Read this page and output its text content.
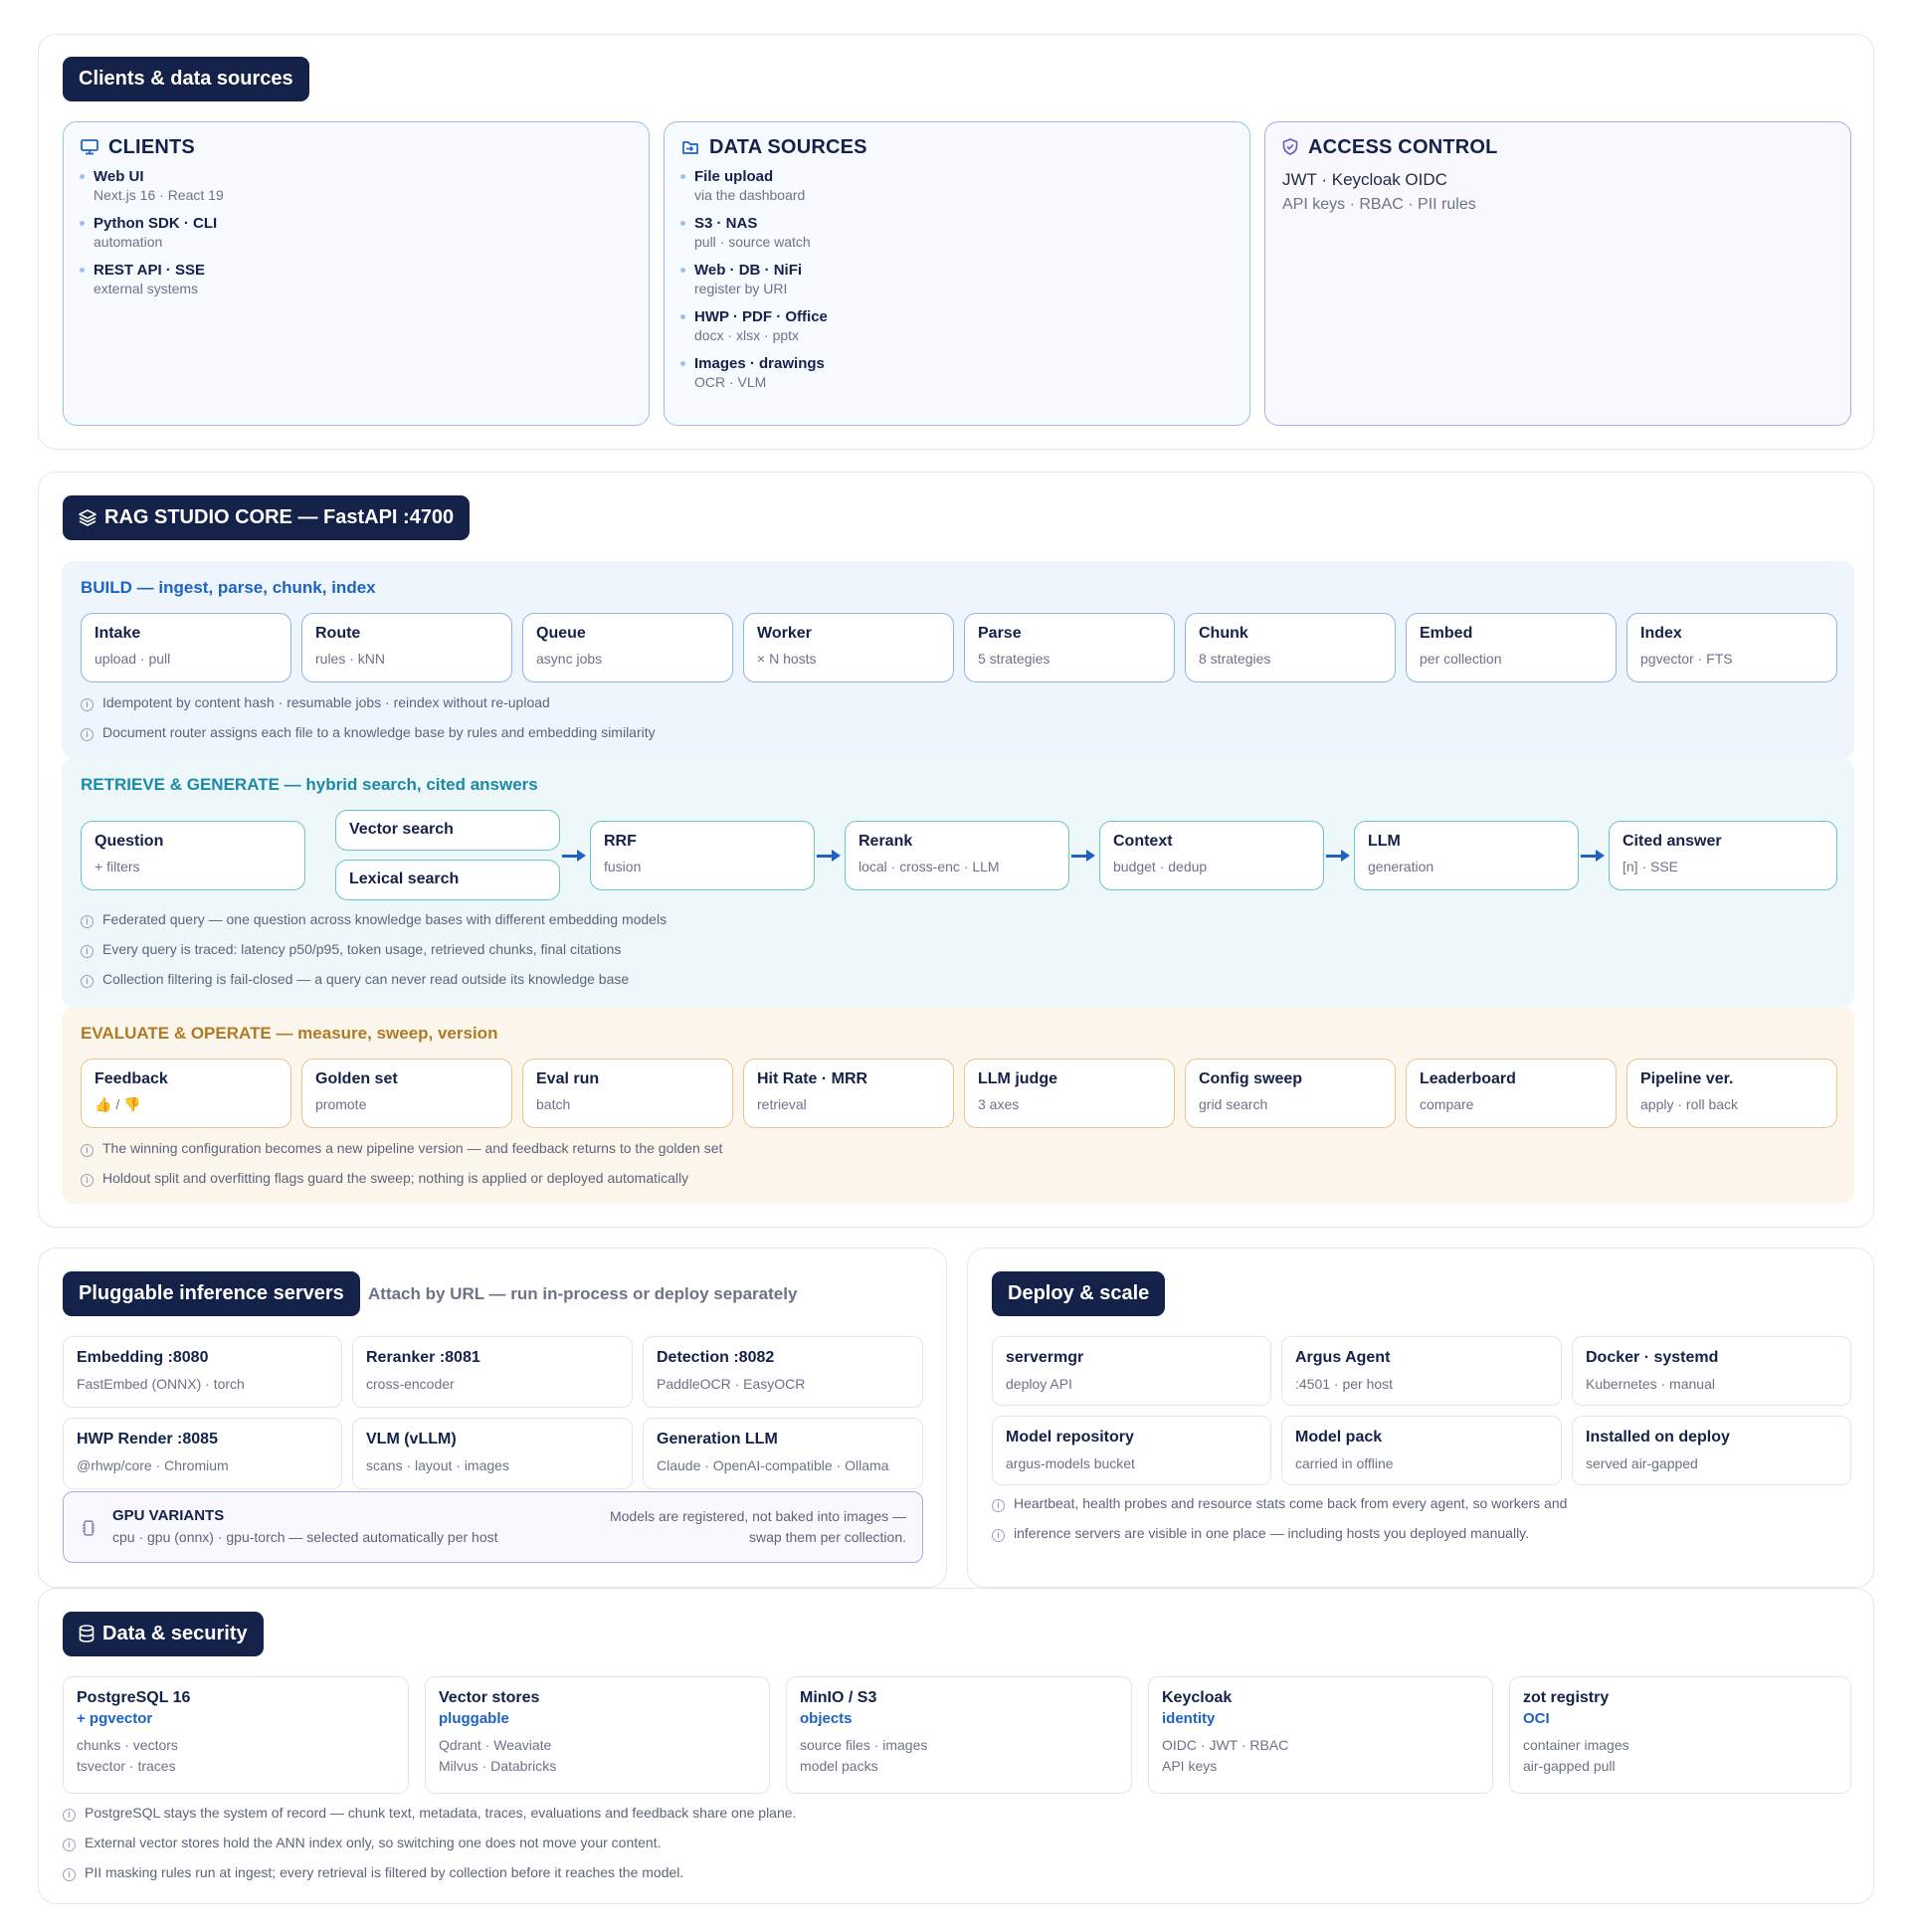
Clients & data sources
CLIENTS
Web UI
Next.js 16 · React 19
Python SDK · CLI
automation
REST API · SSE
external systems
DATA SOURCES
File upload
via the dashboard
S3 · NAS
pull · source watch
Web · DB · NiFi
register by URI
HWP · PDF · Office
docx · xlsx · pptx
Images · drawings
OCR · VLM
ACCESS CONTROL
JWT · Keycloak OIDC
API keys · RBAC · PII rules
RAG STUDIO CORE — FastAPI :4700
BUILD — ingest, parse, chunk, index
Intake
upload · pull
Route
rules · kNN
Queue
async jobs
Worker
× N hosts
Parse
5 strategies
Chunk
8 strategies
Embed
per collection
Index
pgvector · FTS
i Idempotent by content hash · resumable jobs · reindex without re-upload
i Document router assigns each file to a knowledge base by rules and embedding similarity
RETRIEVE & GENERATE — hybrid search, cited answers
Question
+ filters
Vector search
Lexical search
RRF
fusion
Rerank
local · cross-enc · LLM
Context
budget · dedup
LLM
generation
Cited answer
[n] · SSE
i Federated query — one question across knowledge bases with different embedding models
i Every query is traced: latency p50/p95, token usage, retrieved chunks, final citations
i Collection filtering is fail-closed — a query can never read outside its knowledge base
EVALUATE & OPERATE — measure, sweep, version
Feedback
👍 / 👎
Golden set
promote
Eval run
batch
Hit Rate · MRR
retrieval
LLM judge
3 axes
Config sweep
grid search
Leaderboard
compare
Pipeline ver.
apply · roll back
i The winning configuration becomes a new pipeline version — and feedback returns to the golden set
i Holdout split and overfitting flags guard the sweep; nothing is applied or deployed automatically
Pluggable inference servers	Attach by URL — run in-process or deploy separately
Embedding :8080
FastEmbed (ONNX) · torch
Reranker :8081
cross-encoder
Detection :8082
PaddleOCR · EasyOCR
HWP Render :8085
@rhwp/core · Chromium
VLM (vLLM)
scans · layout · images
Generation LLM
Claude · OpenAI-compatible · Ollama
GPU VARIANTS
cpu · gpu (onnx) · gpu-torch — selected automatically per host
Models are registered, not baked into images —
swap them per collection.
Deploy & scale
servermgr
deploy API
Argus Agent
:4501 · per host
Docker · systemd
Kubernetes · manual
Model repository
argus-models bucket
Model pack
carried in offline
Installed on deploy
served air-gapped
i Heartbeat, health probes and resource stats come back from every agent, so workers and
i inference servers are visible in one place — including hosts you deployed manually.
Data & security
PostgreSQL 16
+ pgvector
chunks · vectors
tsvector · traces
Vector stores
pluggable
Qdrant · Weaviate
Milvus · Databricks
MinIO / S3
objects
source files · images
model packs
Keycloak
identity
OIDC · JWT · RBAC
API keys
zot registry
OCI
container images
air-gapped pull
i PostgreSQL stays the system of record — chunk text, metadata, traces, evaluations and feedback share one plane.
i External vector stores hold the ANN index only, so switching one does not move your content.
i PII masking rules run at ingest; every retrieval is filtered by collection before it reaches the model.
